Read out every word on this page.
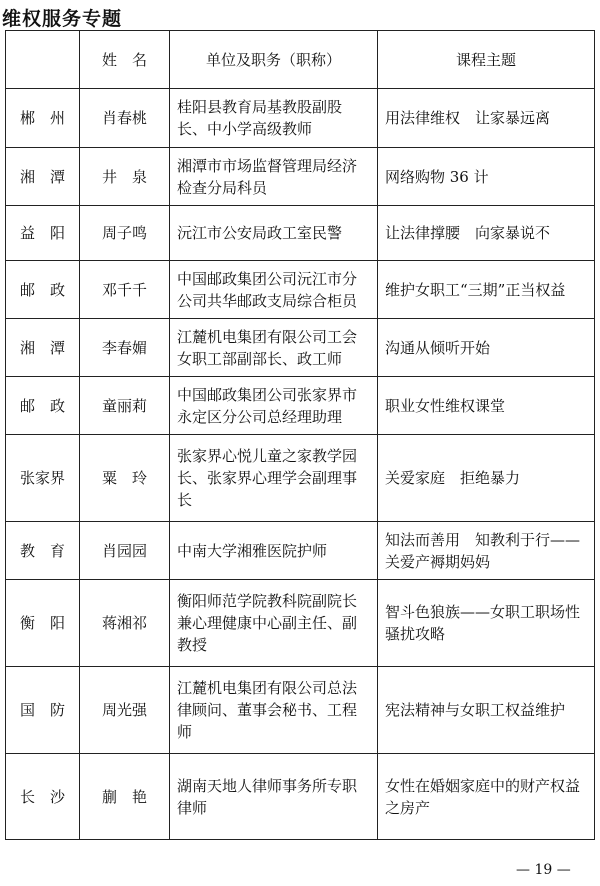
维权服务专题
	姓　名	单位及职务（职称）	课程主题
郴　州	肖春桃	桂阳县教育局基教股副股长、中小学高级教师	用法律维权　让家暴远离
湘　潭	井　泉	湘潭市市场监督管理局经济检查分局科员	网络购物 36 计
益　阳	周子鸣	沅江市公安局政工室民警	让法律撑腰　向家暴说不
邮　政	邓千千	中国邮政集团公司沅江市分公司共华邮政支局综合柜员	维护女职工“三期”正当权益
湘　潭	李春媚	江麓机电集团有限公司工会女职工部副部长、政工师	沟通从倾听开始
邮　政	童丽莉	中国邮政集团公司张家界市永定区分公司总经理助理	职业女性维权课堂
张家界	粟　玲	张家界心悦儿童之家教学园长、张家界心理学会副理事长	关爱家庭　拒绝暴力
教　育	肖园园	中南大学湘雅医院护师	知法而善用　知教利于行——关爱产褥期妈妈
衡　阳	蒋湘祁	衡阳师范学院教科院副院长兼心理健康中心副主任、副教授	智斗色狼族——女职工职场性骚扰攻略
国　防	周光强	江麓机电集团有限公司总法律顾问、董事会秘书、工程师	宪法精神与女职工权益维护
长　沙	蒯　艳	湖南天地人律师事务所专职律师	女性在婚姻家庭中的财产权益之房产
— 19 —
